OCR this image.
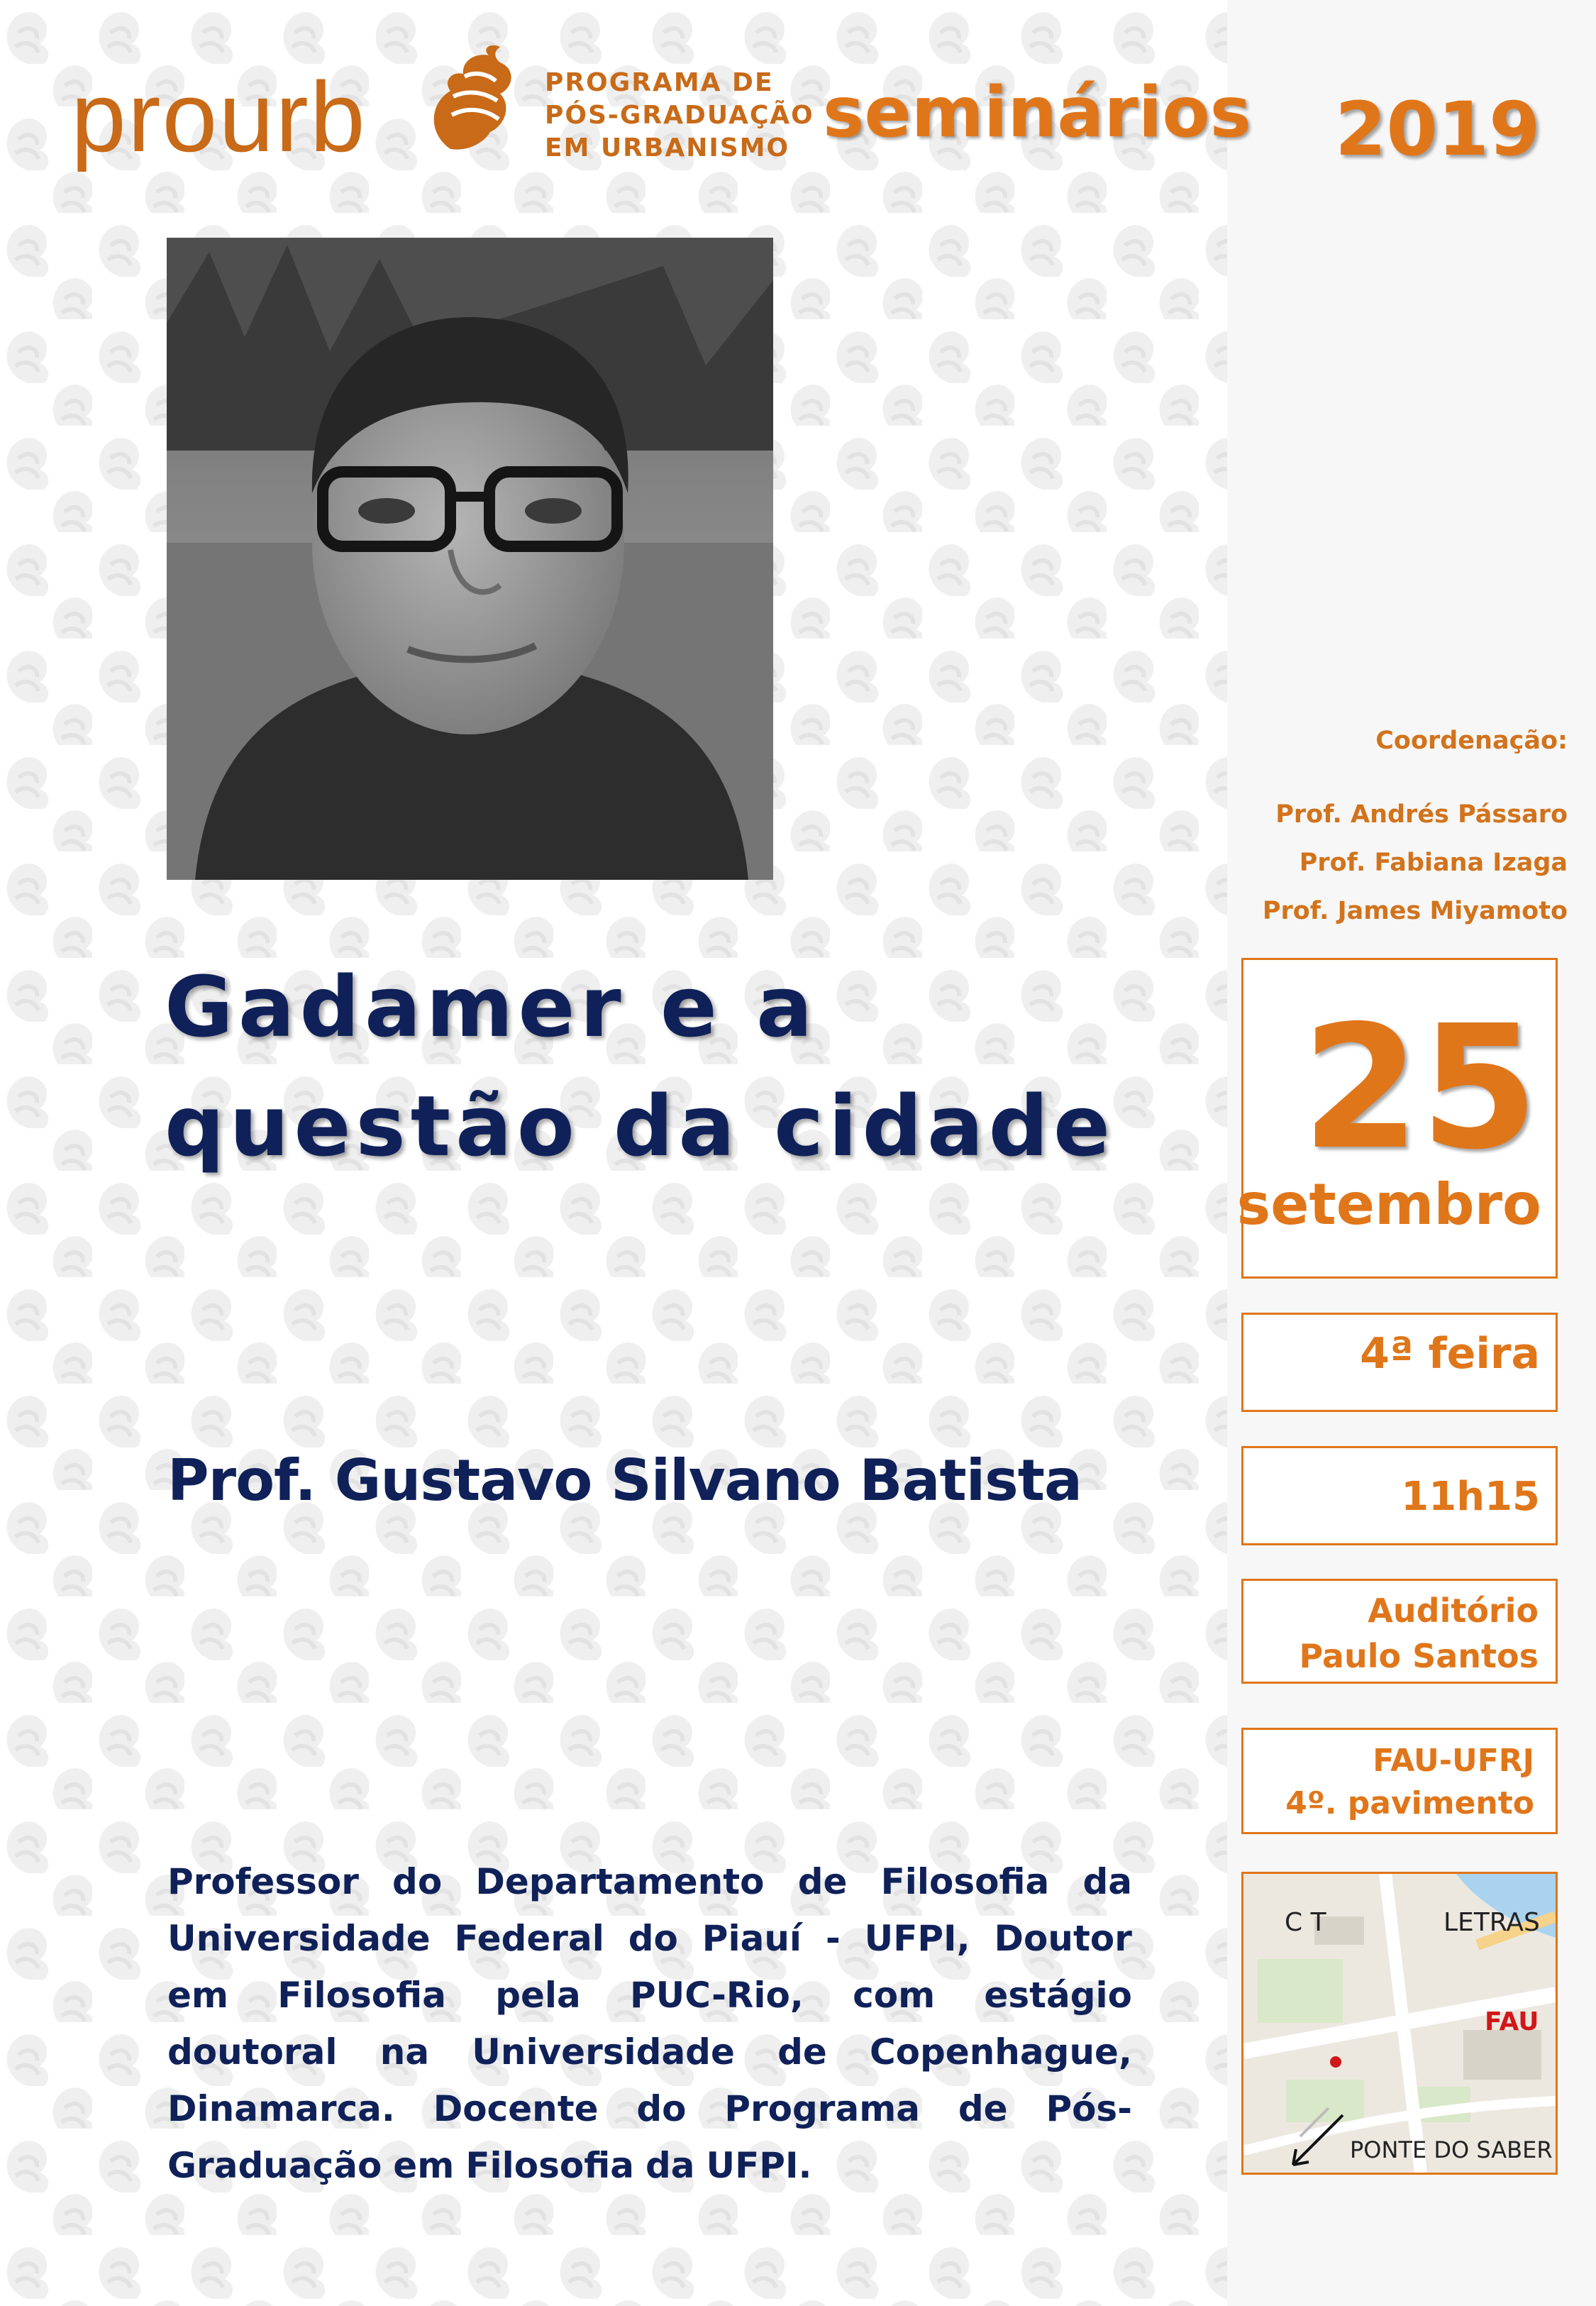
prourb	PROGRAMA DE
PÓS-GRADUAÇÃO
EM URBANISMO seminários 2019
Gadamer e a
questão da cidade
Prof. Gustavo Silvano Batista
Professor do Departamento de Filosofia da
Universidade Federal do Piauí - UFPI, Doutor
em Filosofia pela PUC-Rio, com estágio
doutoral na Universidade de Copenhague,
Dinamarca. Docente do Programa de Pós-
Graduação em Filosofia da UFPI.
Coordenação:
Prof. Andrés Pássaro
Prof. Fabiana Izaga
Prof. James Miyamoto
25
setembro
4ª feira
11h15
Auditório
Paulo Santos
FAU-UFRJ
4º. pavimento
C T	LETRAS
FAU
PONTE DO SABER
